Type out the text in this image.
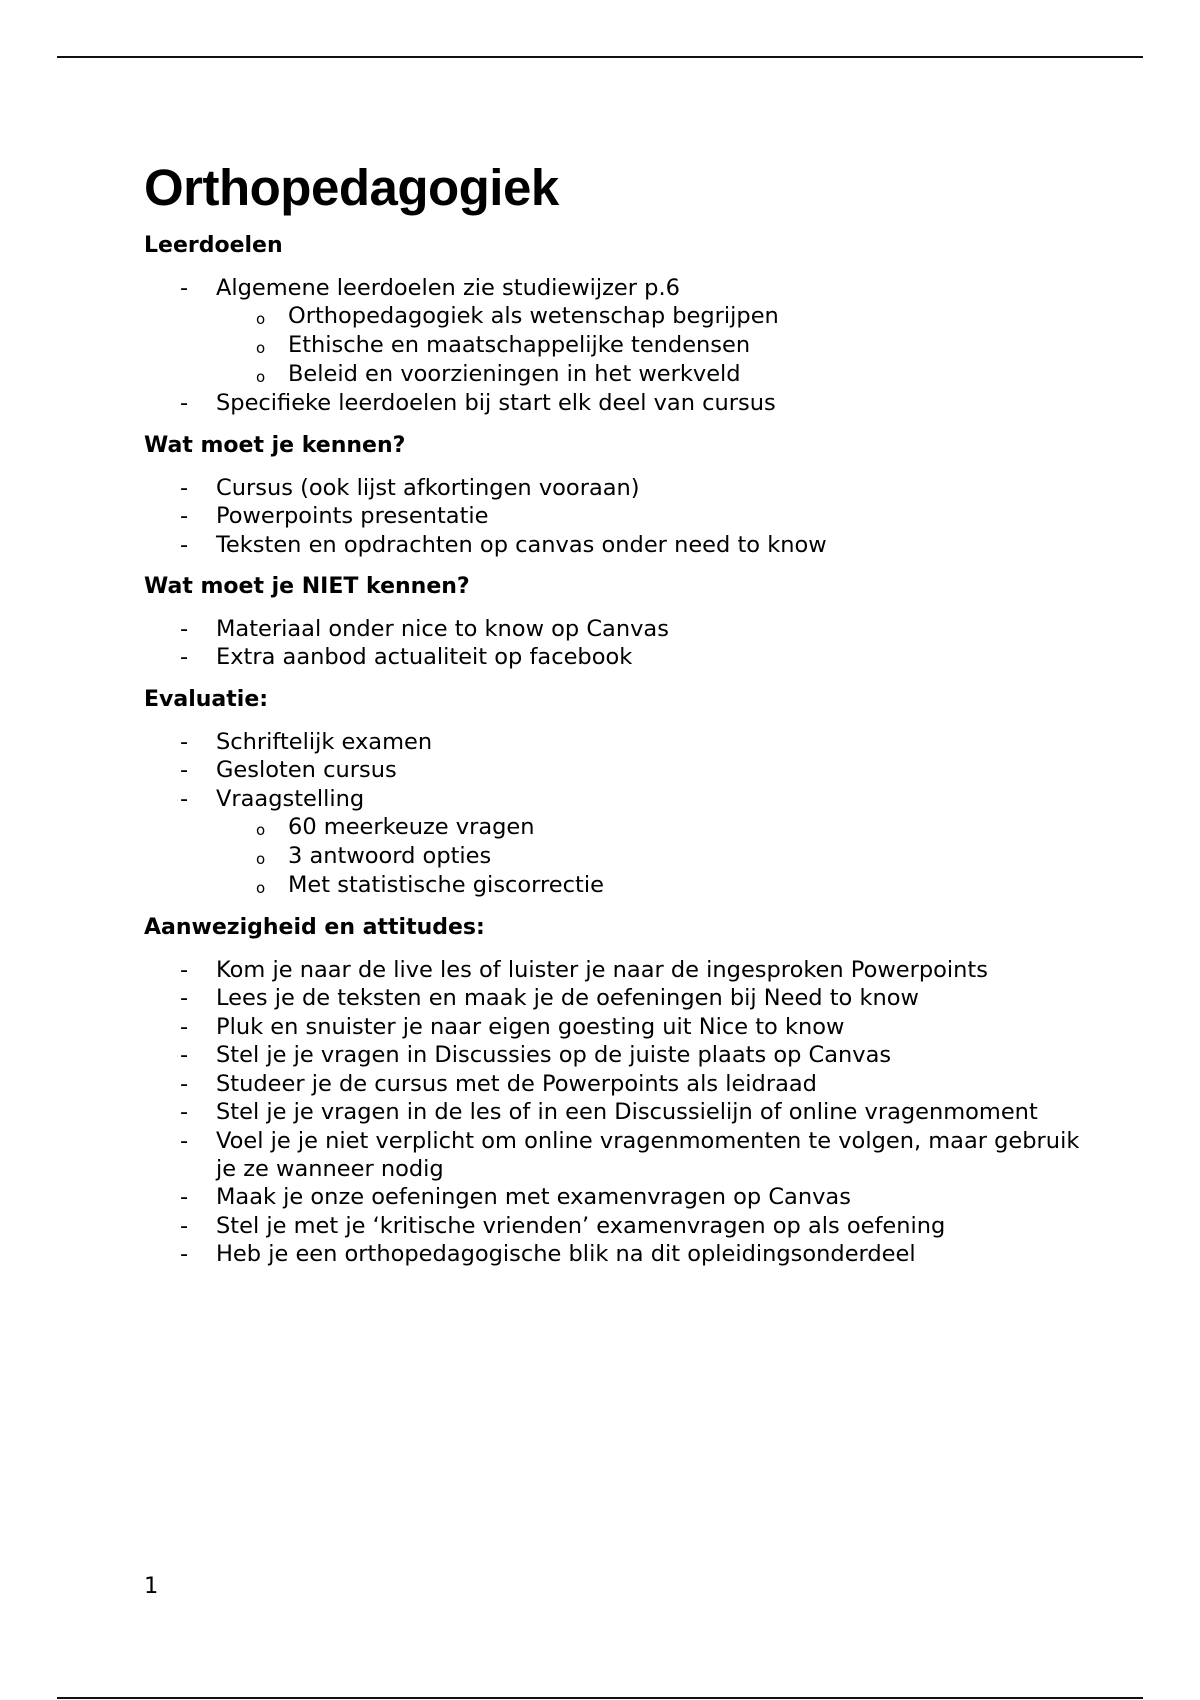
Orthopedagogiek
Leerdoelen
- Algemene leerdoelen zie studiewijzer p.6
o Orthopedagogiek als wetenschap begrijpen
o Ethische en maatschappelijke tendensen
o Beleid en voorzieningen in het werkveld
- Specifieke leerdoelen bij start elk deel van cursus
Wat moet je kennen?
- Cursus (ook lijst afkortingen vooraan)
- Powerpoints presentatie
- Teksten en opdrachten op canvas onder need to know
Wat moet je NIET kennen?
- Materiaal onder nice to know op Canvas
- Extra aanbod actualiteit op facebook
Evaluatie:
- Schriftelijk examen
- Gesloten cursus
- Vraagstelling
o 60 meerkeuze vragen
o 3 antwoord opties
o Met statistische giscorrectie
Aanwezigheid en attitudes:
- Kom je naar de live les of luister je naar de ingesproken Powerpoints
- Lees je de teksten en maak je de oefeningen bij Need to know
- Pluk en snuister je naar eigen goesting uit Nice to know
- Stel je je vragen in Discussies op de juiste plaats op Canvas
- Studeer je de cursus met de Powerpoints als leidraad
- Stel je je vragen in de les of in een Discussielijn of online vragenmoment
- Voel je je niet verplicht om online vragenmomenten te volgen, maar gebruik je ze wanneer nodig
- Maak je onze oefeningen met examenvragen op Canvas
- Stel je met je ‘kritische vrienden’ examenvragen op als oefening
- Heb je een orthopedagogische blik na dit opleidingsonderdeel
1
